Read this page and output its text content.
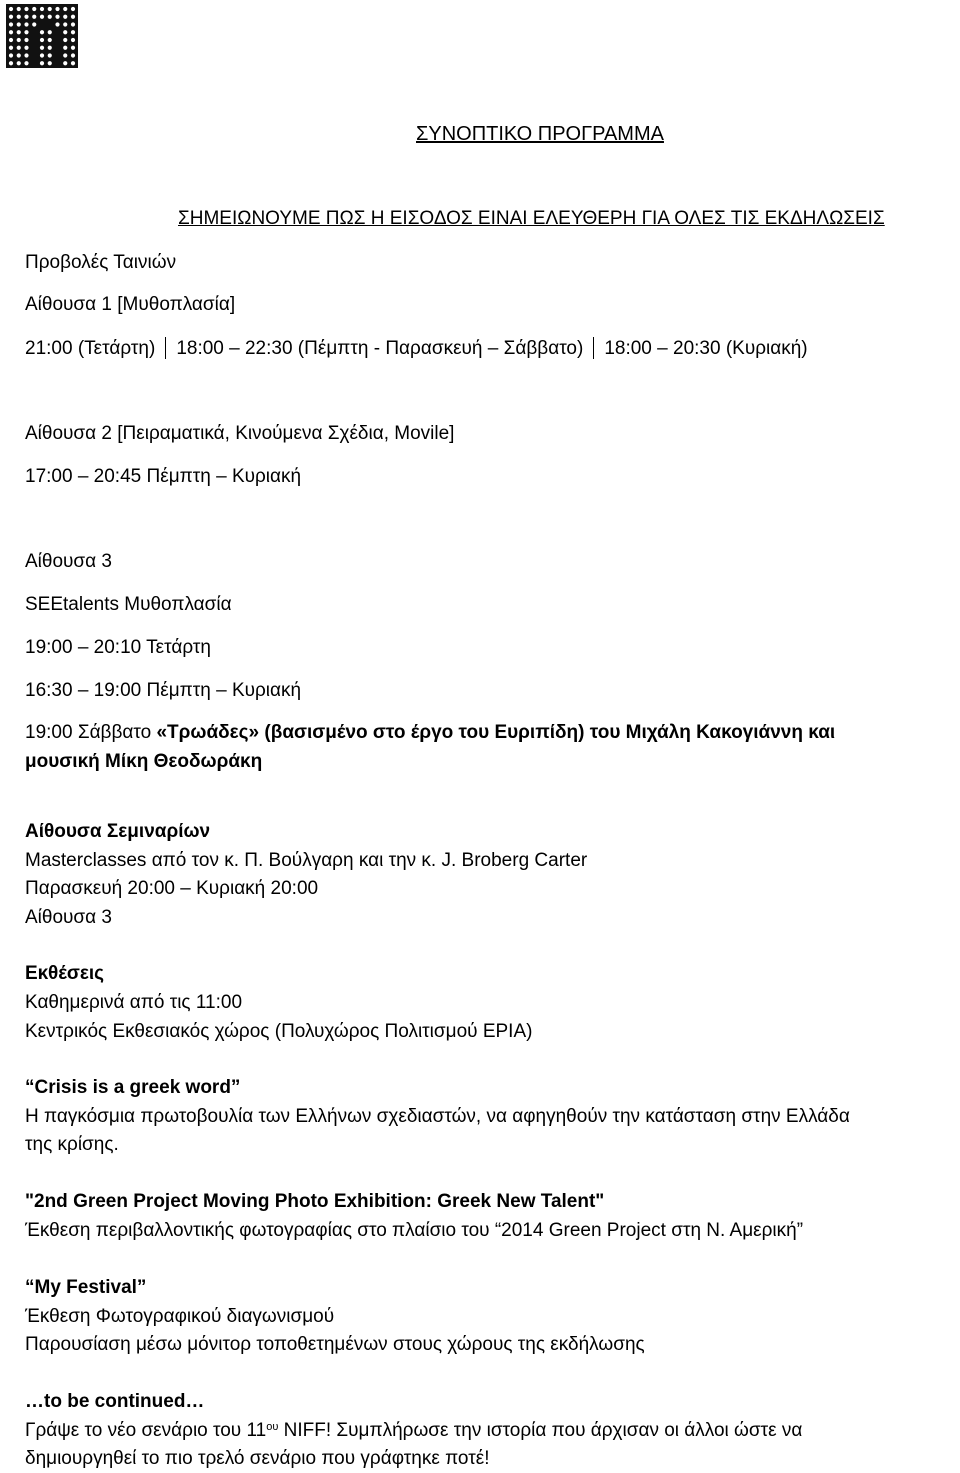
ΣΥΝΟΠΤΙΚΟ ΠΡΟΓΡΑΜΜΑ
ΣΗΜΕΙΩΝΟΥΜΕ ΠΩΣ Η ΕΙΣΟΔΟΣ ΕΙΝΑΙ ΕΛΕΥΘΕΡΗ ΓΙΑ ΟΛΕΣ ΤΙΣ ΕΚΔΗΛΩΣΕΙΣ
Προβολές Ταινιών
Αίθουσα 1 [Μυθοπλασία]
21:00 (Τετάρτη) 18:00 – 22:30 (Πέμπτη - Παρασκευή – Σάββατο) 18:00 – 20:30 (Κυριακή)
Αίθουσα 2 [Πειραματικά, Κινούμενα Σχέδια, Movile]
17:00 – 20:45 Πέμπτη – Κυριακή
Αίθουσα 3
SEEtalents Μυθοπλασία
19:00 – 20:10 Τετάρτη
16:30 – 19:00 Πέμπτη – Κυριακή
19:00 Σάββατο «Τρωάδες» (βασισμένο στο έργο του Ευριπίδη) του Μιχάλη Κακογιάννη και
μουσική Μίκη Θεοδωράκη
Αίθουσα Σεμιναρίων
Masterclasses από τον κ. Π. Βούλγαρη και την κ. J. Broberg Carter
Παρασκευή 20:00 – Κυριακή 20:00
Αίθουσα 3
Εκθέσεις
Καθημερινά από τις 11:00
Κεντρικός Εκθεσιακός χώρος (Πολυχώρος Πολιτισμού ΕΡΙΑ)
“Crisis is a greek word”
Η παγκόσμια πρωτοβουλία των Ελλήνων σχεδιαστών, να αφηγηθούν την κατάσταση στην Ελλάδα
της κρίσης.
"2nd Green Project Moving Photo Exhibition: Greek New Talent"
Έκθεση περιβαλλοντικής φωτογραφίας στο πλαίσιο του “2014 Green Project στη Ν. Αμερική”
“My Festival”
Έκθεση Φωτογραφικού διαγωνισμού
Παρουσίαση μέσω μόνιτορ τοποθετημένων στους χώρους της εκδήλωσης
…to be continued…
Γράψε το νέο σενάριο του $11^{o\upsilon}$ NIFF! Συμπλήρωσε την ιστορία που άρχισαν οι άλλοι ώστε να
δημιουργηθεί το πιο τρελό σενάριο που γράφτηκε ποτέ!
